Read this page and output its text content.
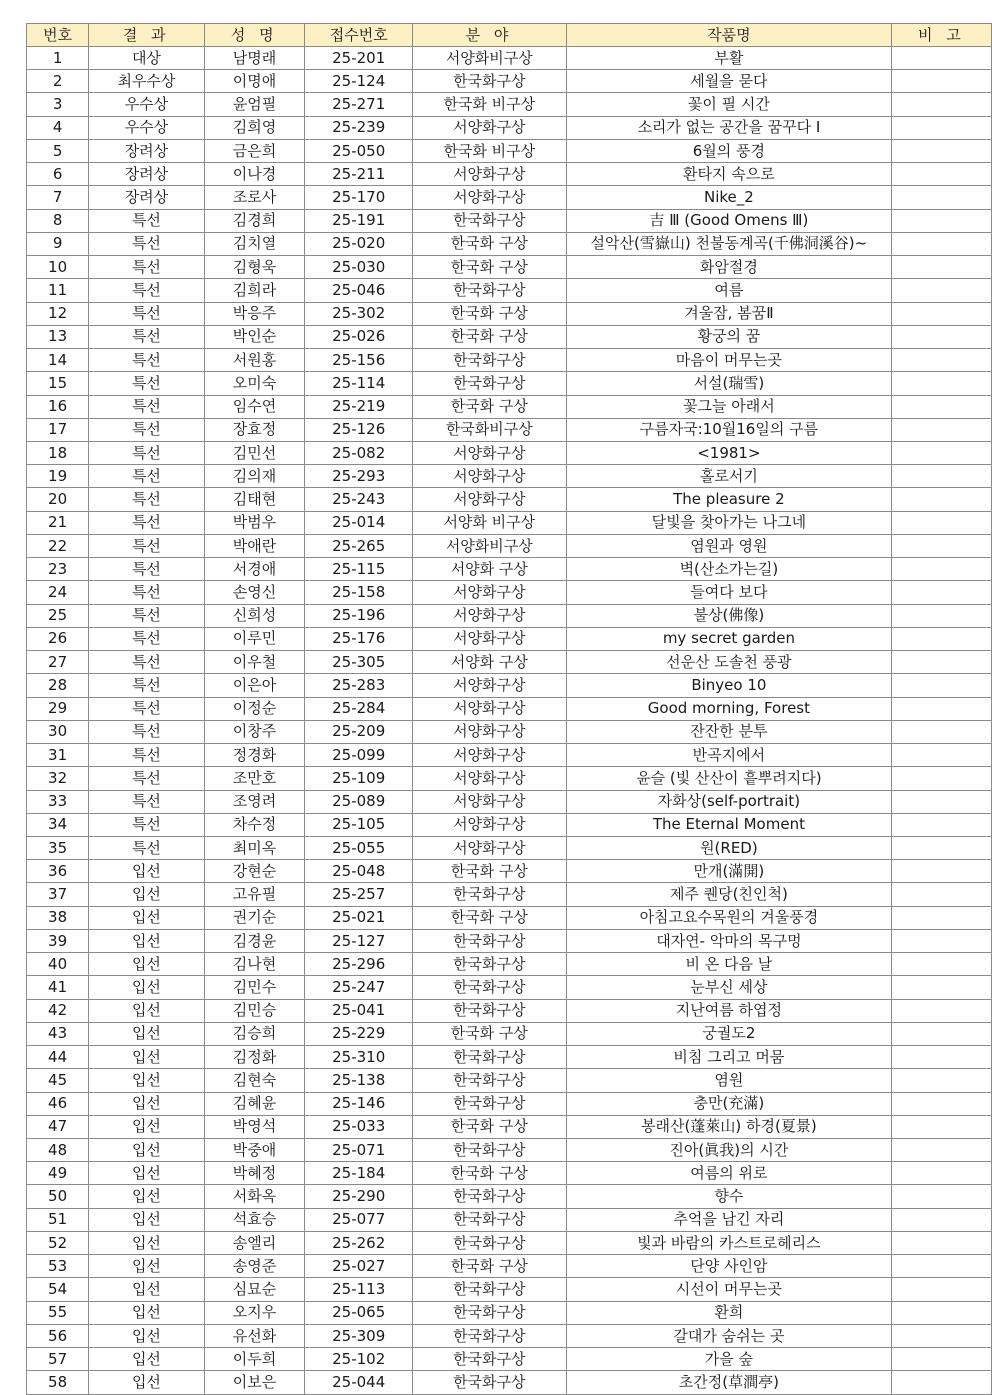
번호	결 과	성 명	접수번호	분 야	작품명	비 고
1	대상	남명래	25-201	서양화비구상	부활	
2	최우수상	이명애	25-124	한국화구상	세월을 묻다	
3	우수상	윤엄필	25-271	한국화 비구상	꽃이 필 시간	
4	우수상	김희영	25-239	서양화구상	소리가 없는 공간을 꿈꾸다 Ⅰ	
5	장려상	금은희	25-050	한국화 비구상	6월의 풍경	
6	장려상	이나경	25-211	서양화구상	환타지 속으로	
7	장려상	조로사	25-170	서양화구상	Nike_2	
8	특선	김경희	25-191	한국화구상	吉 Ⅲ (Good Omens Ⅲ)	
9	특선	김치열	25-020	한국화 구상	설악산(雪嶽山) 천불동계곡(千佛洞溪谷)~	
10	특선	김형욱	25-030	한국화 구상	화암절경	
11	특선	김희라	25-046	한국화구상	여름	
12	특선	박응주	25-302	한국화 구상	겨울잠, 봄꿈Ⅱ	
13	특선	박인순	25-026	한국화 구상	황궁의 꿈	
14	특선	서원홍	25-156	한국화구상	마음이 머무는곳	
15	특선	오미숙	25-114	한국화구상	서설(瑞雪)	
16	특선	임수연	25-219	한국화 구상	꽃그늘 아래서	
17	특선	장효정	25-126	한국화비구상	구름자국:10월16일의 구름	
18	특선	김민선	25-082	서양화구상	<1981>	
19	특선	김의재	25-293	서양화구상	홀로서기	
20	특선	김태현	25-243	서양화구상	The pleasure 2	
21	특선	박범우	25-014	서양화 비구상	달빛을 찾아가는 나그네	
22	특선	박애란	25-265	서양화비구상	염원과 영원	
23	특선	서경애	25-115	서양화 구상	벽(산소가는길)	
24	특선	손영신	25-158	서양화구상	들여다 보다	
25	특선	신희성	25-196	서양화구상	불상(佛像)	
26	특선	이루민	25-176	서양화구상	my secret garden	
27	특선	이우철	25-305	서양화 구상	선운산 도솔천 풍광	
28	특선	이은아	25-283	서양화구상	Binyeo 10	
29	특선	이정순	25-284	서양화구상	Good morning, Forest	
30	특선	이창주	25-209	서양화구상	잔잔한 분투	
31	특선	정경화	25-099	서양화구상	반곡지에서	
32	특선	조만호	25-109	서양화구상	윤슬 (빛 산산이 흩뿌려지다)	
33	특선	조영려	25-089	서양화구상	자화상(self-portrait)	
34	특선	차수정	25-105	서양화구상	The Eternal Moment	
35	특선	최미옥	25-055	서양화구상	원(RED)	
36	입선	강현순	25-048	한국화 구상	만개(滿開)	
37	입선	고유필	25-257	한국화구상	제주 퀜당(친인척)	
38	입선	권기순	25-021	한국화 구상	아침고요수목원의 겨울풍경	
39	입선	김경윤	25-127	한국화구상	대자연- 악마의 목구멍	
40	입선	김나현	25-296	한국화구상	비 온 다음 날	
41	입선	김민수	25-247	한국화구상	눈부신 세상	
42	입선	김민승	25-041	한국화구상	지난여름 하엽정	
43	입선	김승희	25-229	한국화 구상	궁궐도2	
44	입선	김정화	25-310	한국화구상	비침 그리고 머뭄	
45	입선	김현숙	25-138	한국화구상	염원	
46	입선	김혜윤	25-146	한국화구상	충만(充滿)	
47	입선	박영석	25-033	한국화 구상	봉래산(蓬萊山) 하경(夏景)	
48	입선	박중애	25-071	한국화구상	진아(眞我)의 시간	
49	입선	박혜정	25-184	한국화 구상	여름의 위로	
50	입선	서화옥	25-290	한국화구상	향수	
51	입선	석효승	25-077	한국화구상	추억을 남긴 자리	
52	입선	송엘리	25-262	한국화구상	빛과 바람의 카스트로헤리스	
53	입선	송영준	25-027	한국화 구상	단양 사인암	
54	입선	심묘순	25-113	한국화구상	시선이 머무는곳	
55	입선	오지우	25-065	한국화구상	환희	
56	입선	유선화	25-309	한국화구상	갈대가 숨쉬는 곳	
57	입선	이두희	25-102	한국화구상	가을 숲	
58	입선	이보은	25-044	한국화구상	초간정(草澗亭)	
